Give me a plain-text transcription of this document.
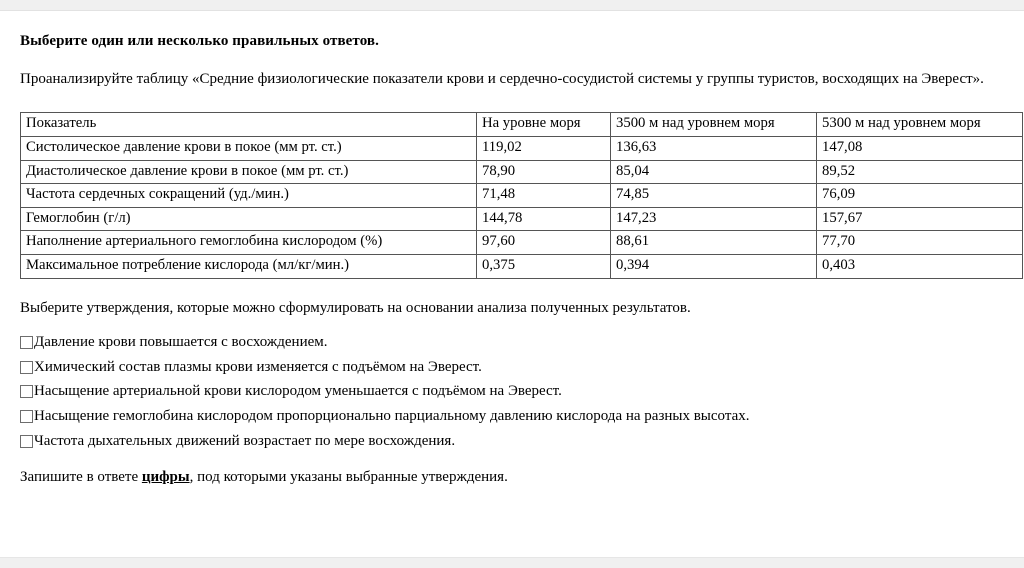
Выберите один или несколько правильных ответов.
Проанализируйте таблицу «Средние физиологические показатели крови и сердечно-сосудистой системы у группы туристов, восходящих на Эверест».
Показатель	На уровне моря	3500 м над уровнем моря	5300 м над уровнем моря
Систолическое давление крови в покое (мм рт. ст.)	119,02	136,63	147,08
Диастолическое давление крови в покое (мм рт. ст.)	78,90	85,04	89,52
Частота сердечных сокращений (уд./мин.)	71,48	74,85	76,09
Гемоглобин (г/л)	144,78	147,23	157,67
Наполнение артериального гемоглобина кислородом (%)	97,60	88,61	77,70
Максимальное потребление кислорода (мл/кг/мин.)	0,375	0,394	0,403
Выберите утверждения, которые можно сформулировать на основании анализа полученных результатов.
Давление крови повышается с восхождением.
Химический состав плазмы крови изменяется с подъёмом на Эверест.
Насыщение артериальной крови кислородом уменьшается с подъёмом на Эверест.
Насыщение гемоглобина кислородом пропорционально парциальному давлению кислорода на разных высотах.
Частота дыхательных движений возрастает по мере восхождения.
Запишите в ответе цифры, под которыми указаны выбранные утверждения.
